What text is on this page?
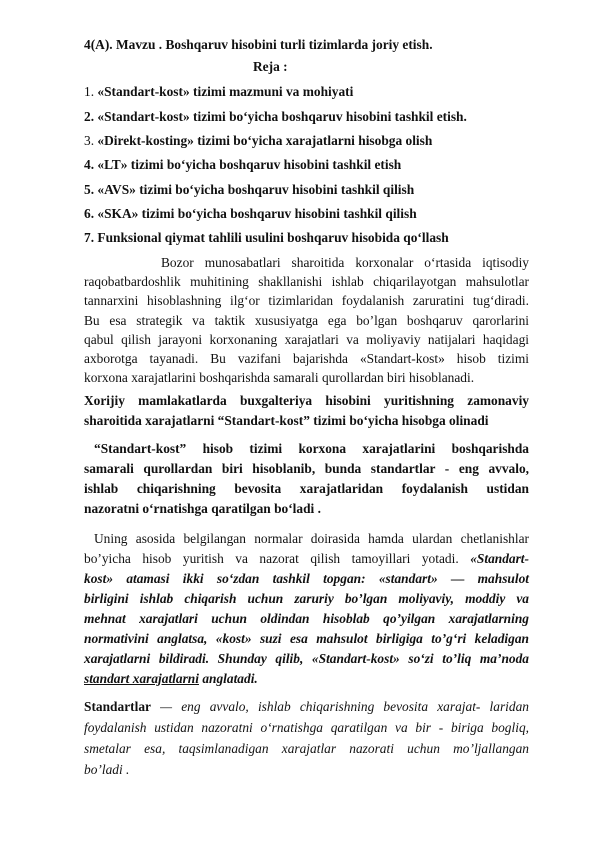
4(A). Mavzu . Boshqaruv hisobini turli tizimlarda joriy etish.
Reja :
1. «Standart-kost» tizimi mazmuni va mohiyati
2. «Standart-kost» tizimi bo‘yicha boshqaruv hisobini tashkil etish.
3. «Direkt-kosting» tizimi bo‘yicha xarajatlarni hisobga olish
4. «LT» tizimi bo‘yicha boshqaruv hisobini tashkil etish
5. «AVS» tizimi bo‘yicha boshqaruv hisobini tashkil qilish
6. «SKA» tizimi bo‘yicha boshqaruv hisobini tashkil qilish
7. Funksional qiymat tahlili usulini boshqaruv hisobida qo‘llash
Bozor munosabatlari sharoitida korxonalar o‘rtasida iqtisodiy
raqobatbardoshlik muhitining shakllanishi ishlab chiqarilayotgan mahsulotlar
tannarxini hisoblashning ilg‘or tizimlaridan foydalanish zaruratini tug‘diradi.
Bu esa strategik va taktik xususiyatga ega bo’lgan boshqaruv qarorlarini
qabul qilish jarayoni korxonaning xarajatlari va moliyaviy natijalari haqidagi
axborotga tayanadi. Bu vazifani bajarishda «Standart-kost» hisob tizimi
korxona xarajatlarini boshqarishda samarali qurollardan biri hisoblanadi.
Xorijiy mamlakatlarda buxgalteriya hisobini yuritishning zamonaviy
sharoitida xarajatlarni “Standart-kost” tizimi bo‘yicha hisobga olinadi
“Standart-kost” hisob tizimi korxona xarajatlarini boshqarishda
samarali qurollardan biri hisoblanib, bunda standartlar - eng avvalo,
ishlab chiqarishning bevosita xarajatlaridan foydalanish ustidan
nazoratni o‘rnatishga qaratilgan bo‘ladi .
Uning asosida belgilangan normalar doirasida hamda ulardan chetlanishlar
bo’yicha hisob yuritish va nazorat qilish tamoyillari yotadi. «Standart-
kost» atamasi ikki so‘zdan tashkil topgan: «standart» — mahsulot
birligini ishlab chiqarish uchun zaruriy bo’lgan moliyaviy, moddiy va
mehnat xarajatlari uchun oldindan hisoblab qo’yilgan xarajatlarning
normativini anglatsa, «kost» suzi esa mahsulot birligiga to’g‘ri keladigan
xarajatlarni bildiradi. Shunday qilib, «Standart-kost» so‘zi to’liq ma’noda
standart xarajatlarni anglatadi.
Standartlar — eng avvalo, ishlab chiqarishning bevosita xarajat- laridan
foydalanish ustidan nazoratni o‘rnatishga qaratilgan va bir - biriga bogliq,
smetalar esa, taqsimlanadigan xarajatlar nazorati uchun mo’ljallangan
bo’ladi .
